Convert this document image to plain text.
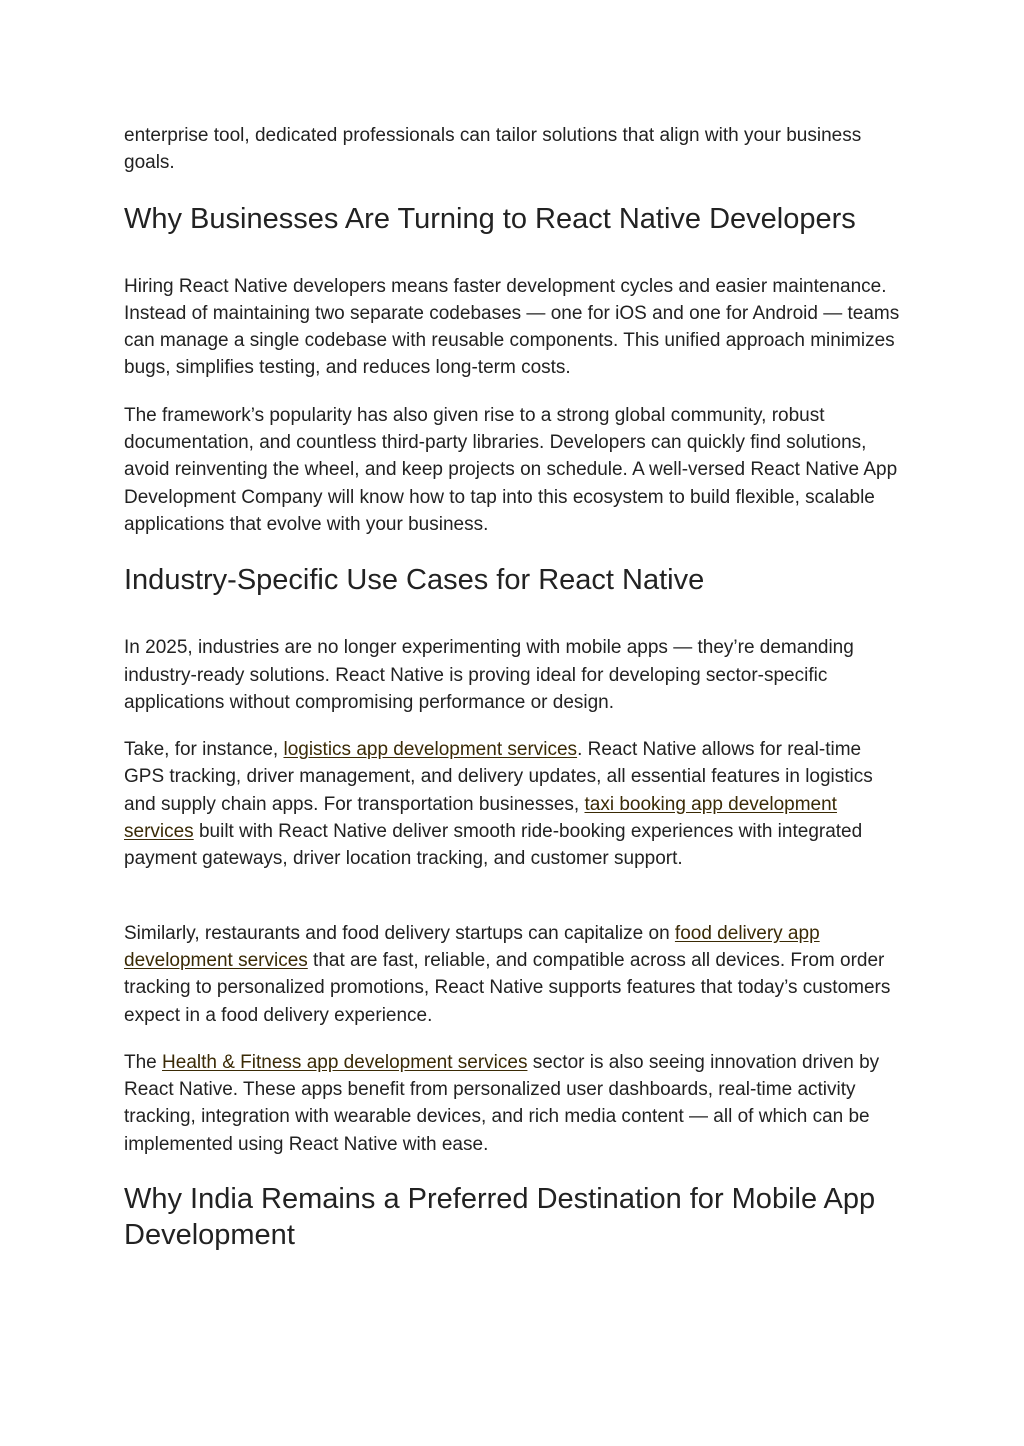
enterprise tool, dedicated professionals can tailor solutions that align with your business goals.

Why Businesses Are Turning to React Native Developers

Hiring React Native developers means faster development cycles and easier maintenance. Instead of maintaining two separate codebases — one for iOS and one for Android — teams can manage a single codebase with reusable components. This unified approach minimizes bugs, simplifies testing, and reduces long-term costs.

The framework’s popularity has also given rise to a strong global community, robust documentation, and countless third-party libraries. Developers can quickly find solutions, avoid reinventing the wheel, and keep projects on schedule. A well-versed React Native App Development Company will know how to tap into this ecosystem to build flexible, scalable applications that evolve with your business.

Industry-Specific Use Cases for React Native

In 2025, industries are no longer experimenting with mobile apps — they’re demanding industry-ready solutions. React Native is proving ideal for developing sector-specific applications without compromising performance or design.

Take, for instance, logistics app development services. React Native allows for real-time GPS tracking, driver management, and delivery updates, all essential features in logistics and supply chain apps. For transportation businesses, taxi booking app development services built with React Native deliver smooth ride-booking experiences with integrated payment gateways, driver location tracking, and customer support.

Similarly, restaurants and food delivery startups can capitalize on food delivery app development services that are fast, reliable, and compatible across all devices. From order tracking to personalized promotions, React Native supports features that today’s customers expect in a food delivery experience.

The Health & Fitness app development services sector is also seeing innovation driven by React Native. These apps benefit from personalized user dashboards, real-time activity tracking, integration with wearable devices, and rich media content — all of which can be implemented using React Native with ease.

Why India Remains a Preferred Destination for Mobile App Development
